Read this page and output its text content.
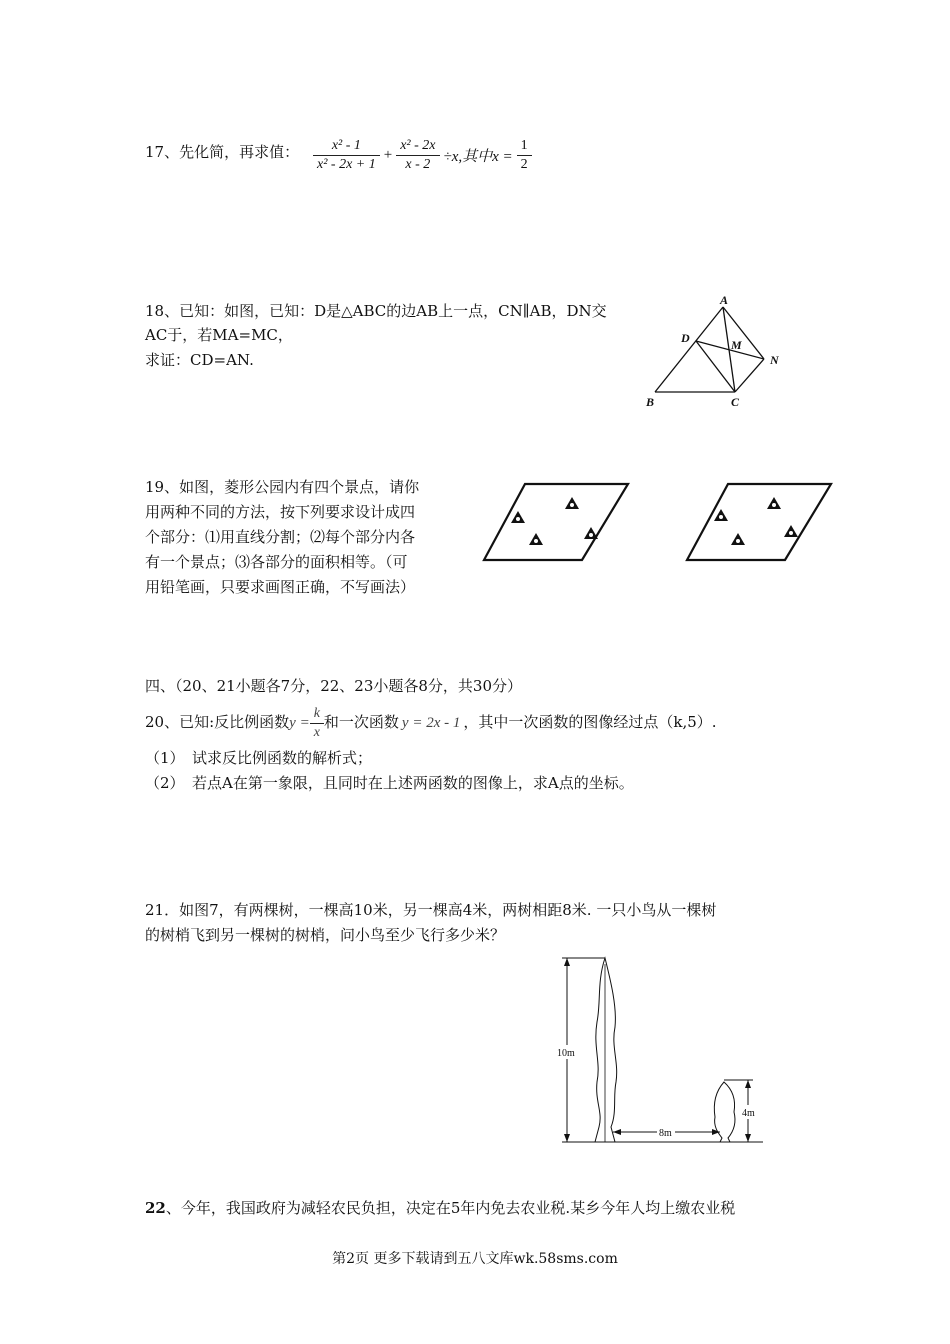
17、先化简，再求值： $\frac{\text{x² - 1}}{\text{x² - 2x + 1}} + \frac{\text{x² - 2x}}{x - 2} \div x$,其中$x = \frac{1}{2}$
18、已知：如图，已知：D是△ABC的边AB上一点，CN∥AB，DN交
AC于，若MA=MC，
求证：CD=AN.
A
D	M
N
B	C
19、如图，菱形公园内有四个景点，请你
用两种不同的方法，按下列要求设计成四
个部分：⑴用直线分割；⑵每个部分内各
有一个景点；⑶各部分的面积相等。（可
用铅笔画，只要求画图正确，不写画法）
四、（20、21小题各7分，22、23小题各8分，共30分）
20、已知:反比例函数$y = \frac{k}{x}$ 和一次函数 y = 2x - 1 ，其中一次函数的图像经过点（k,5）.
（1）　试求反比例函数的解析式；
（2）　若点A在第一象限，且同时在上述两函数的图像上，求A点的坐标。
21．如图7，有两棵树，一棵高10米，另一棵高4米，两树相距8米. 一只小鸟从一棵树
的树梢飞到另一棵树的树梢，问小鸟至少飞行多少米？
10m
4m
8m
22、今年，我国政府为减轻农民负担，决定在5年内免去农业税.某乡今年人均上缴农业税
第2页 更多下载请到五八文库wk.58sms.com
